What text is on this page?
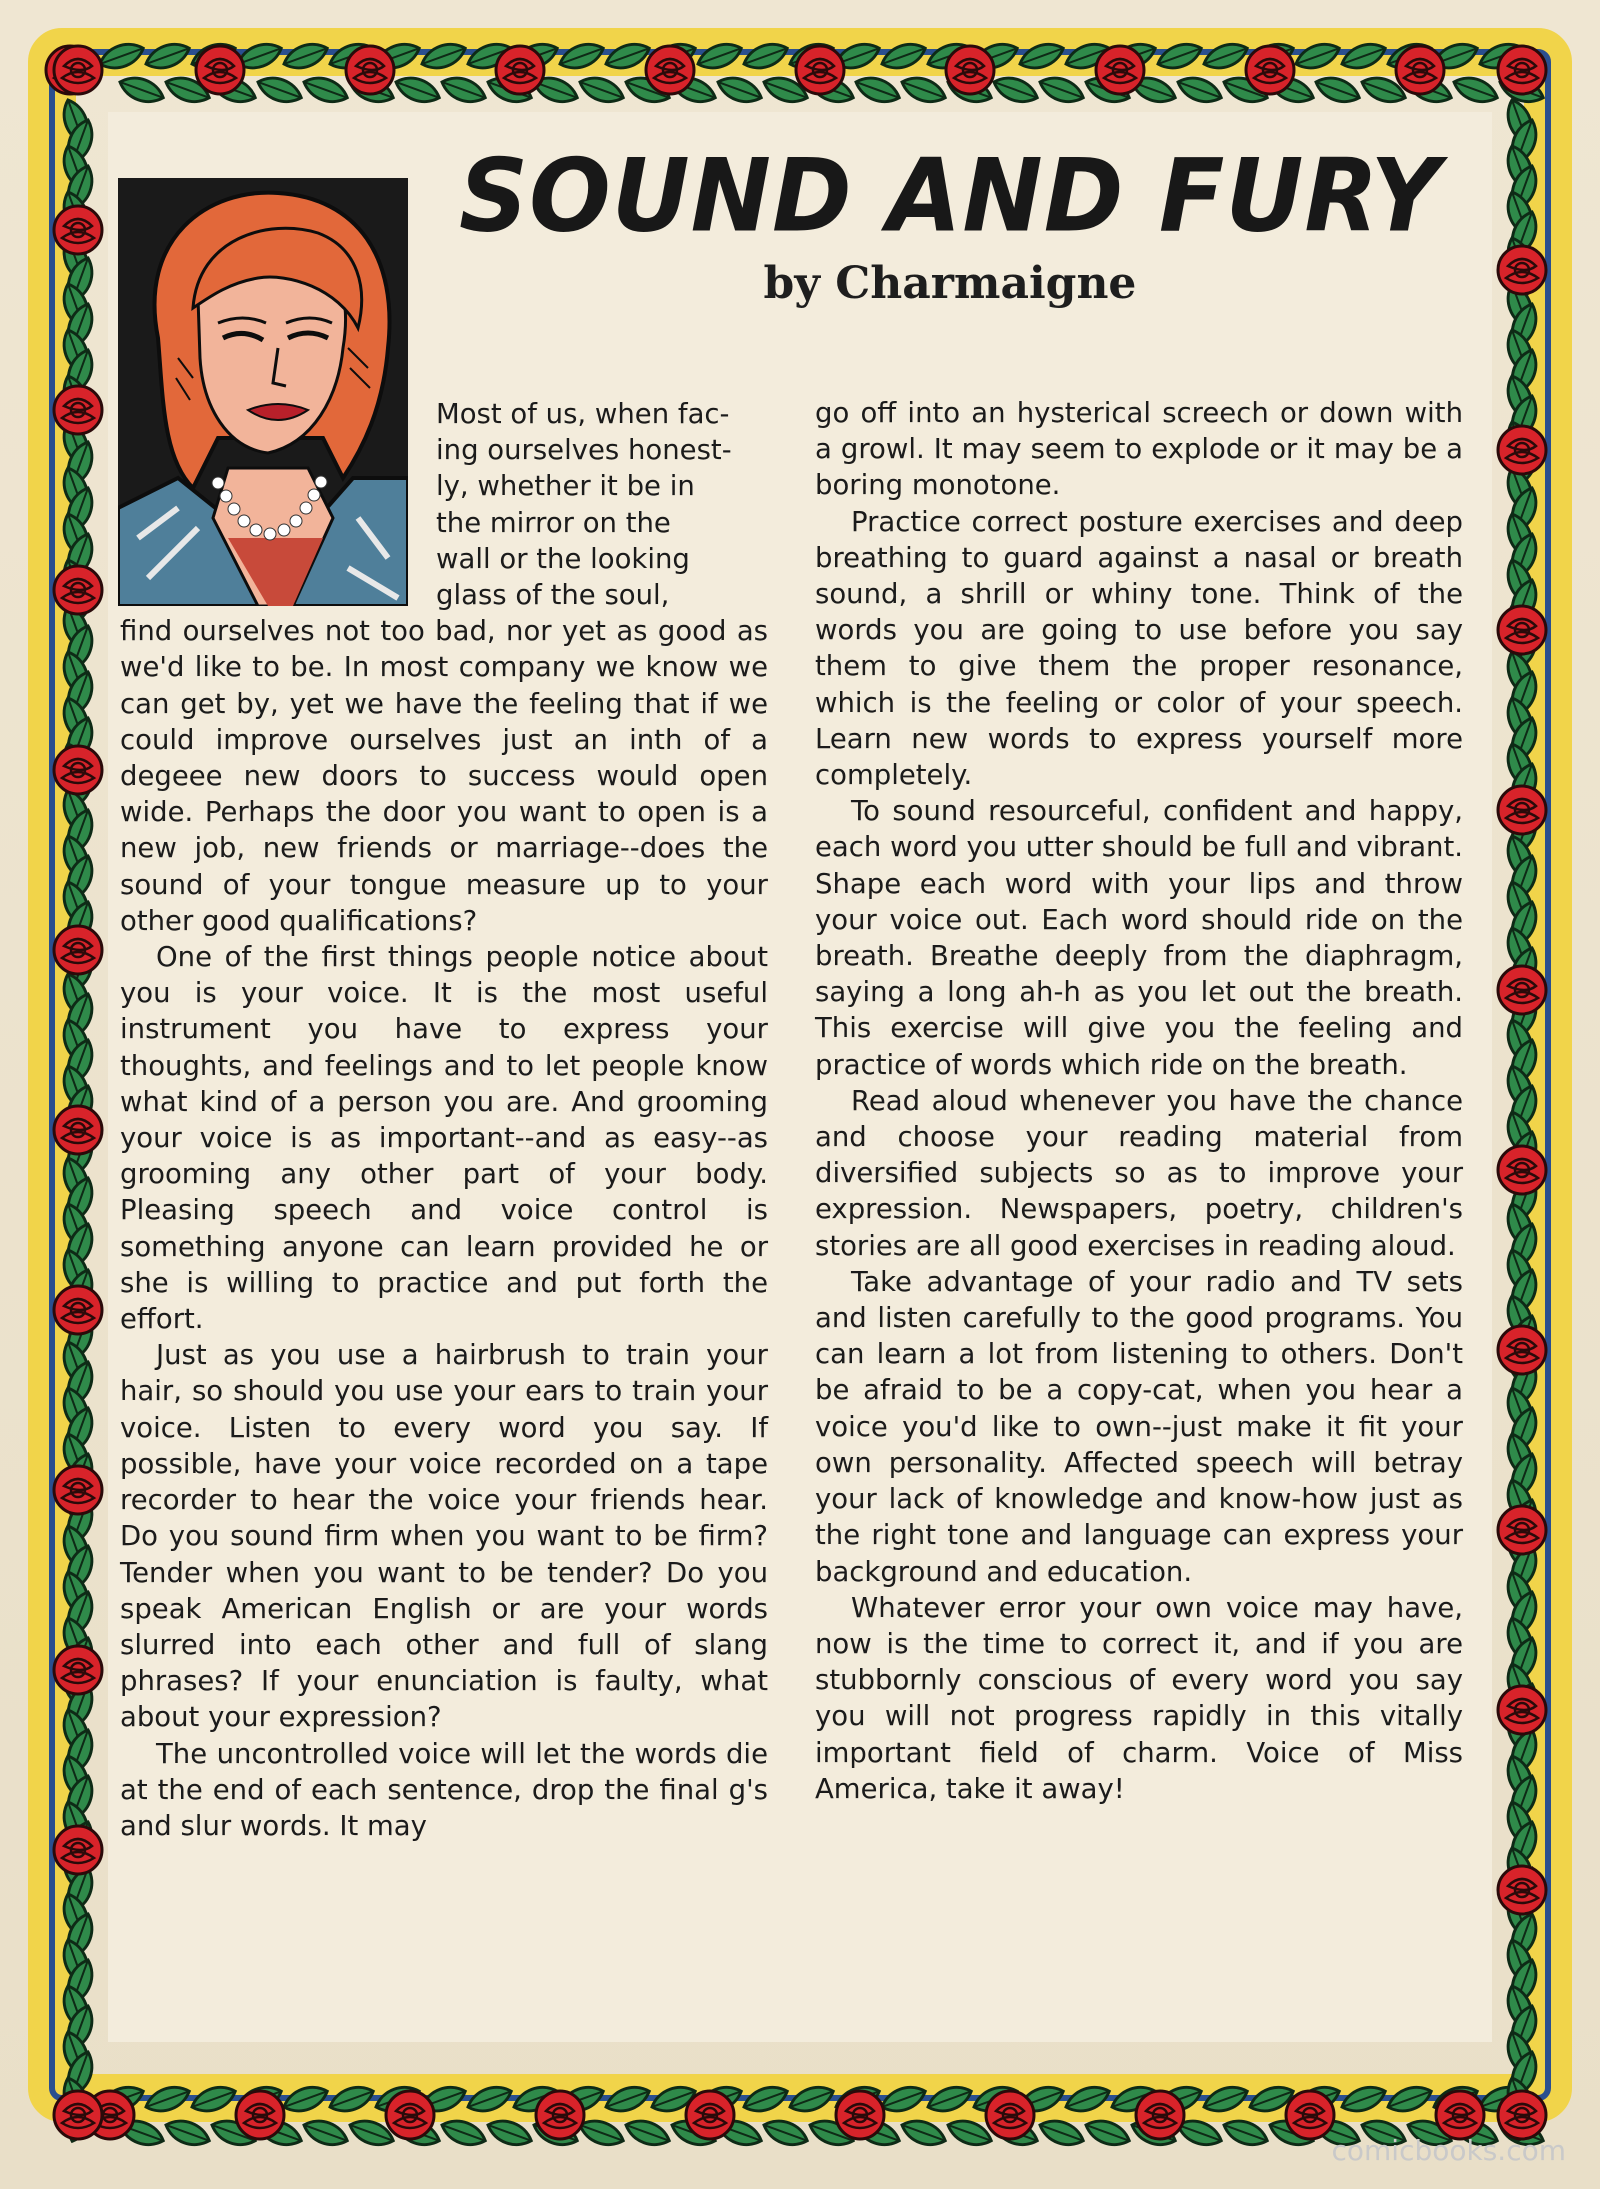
SOUND AND FURY
by Charmaigne
Most of us, when fac-
ing ourselves honest-
ly, whether it be in
the mirror on the
wall or the looking
glass of the soul,

find ourselves not too bad, nor yet as good as we'd like to be. In most company we know we can get by, yet we have the feeling that if we could improve ourselves just an inth of a degeee new doors to success would open wide. Perhaps the door you want to open is a new job, new friends or marriage--does the sound of your tongue measure up to your other good qualifications?

One of the first things people notice about you is your voice. It is the most useful instrument you have to express your thoughts, and feelings and to let people know what kind of a person you are. And grooming your voice is as important--and as easy--as grooming any other part of your body. Pleasing speech and voice control is something anyone can learn provided he or she is willing to practice and put forth the effort.

Just as you use a hairbrush to train your hair, so should you use your ears to train your voice. Listen to every word you say. If possible, have your voice recorded on a tape recorder to hear the voice your friends hear. Do you sound firm when you want to be firm? Tender when you want to be tender? Do you speak American English or are your words slurred into each other and full of slang phrases? If your enunciation is faulty, what about your expression?

The uncontrolled voice will let the words die at the end of each sentence, drop the final g's and slur words. It may

go off into an hysterical screech or down with a growl. It may seem to explode or it may be a boring monotone.

Practice correct posture exercises and deep breathing to guard against a nasal or breath sound, a shrill or whiny tone. Think of the words you are going to use before you say them to give them the proper resonance, which is the feeling or color of your speech. Learn new words to express yourself more completely.

To sound resourceful, confident and happy, each word you utter should be full and vibrant. Shape each word with your lips and throw your voice out. Each word should ride on the breath. Breathe deeply from the diaphragm, saying a long ah-h as you let out the breath. This exercise will give you the feeling and practice of words which ride on the breath.

Read aloud whenever you have the chance and choose your reading material from diversified subjects so as to improve your expression. Newspapers, poetry, children's stories are all good exercises in reading aloud.

Take advantage of your radio and TV sets and listen carefully to the good programs. You can learn a lot from listening to others. Don't be afraid to be a copy-cat, when you hear a voice you'd like to own--just make it fit your own personality. Affected speech will betray your lack of knowledge and know-how just as the right tone and language can express your background and education.

Whatever error your own voice may have, now is the time to correct it, and if you are stubbornly conscious of every word you say you will not progress rapidly in this vitally important field of charm. Voice of Miss America, take it away!

comicbooks.com
